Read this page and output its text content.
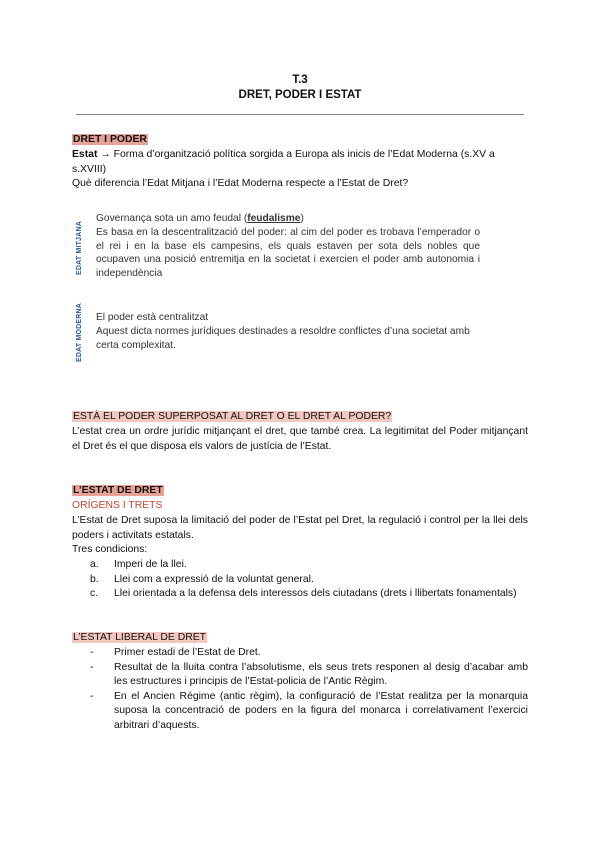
T.3
DRET, PODER I ESTAT
DRET I PODER
Estat → Forma d’organització política sorgida a Europa als inicis de l’Edat Moderna (s.XV a s.XVIII)
Què diferencia l’Edat Mitjana i l’Edat Moderna respecte a l’Estat de Dret?
EDAT MITJANA
Governança sota un amo feudal (feudalisme)
Es basa en la descentralització del poder: al cim del poder es trobava l’emperador o el rei i en la base els campesins, els quals estaven per sota dels nobles que ocupaven una posició entremitja en la societat i exercien el poder amb autonomia i independència
EDAT MODERNA El poder està centralitzat
Aquest dicta normes jurídiques destinades a resoldre conflictes d’una societat amb certa complexitat.
ESTÀ EL PODER SUPERPOSAT AL DRET O EL DRET AL PODER?
L’estat crea un ordre jurídic mitjançant el dret, que també crea. La legitimitat del Poder mitjançant el Dret és el que disposa els valors de justícia de l’Estat.
L’ESTAT DE DRET
ORÍGENS I TRETS
L’Estat de Dret suposa la limitació del poder de l’Estat pel Dret, la regulació i control per la llei dels poders i activitats estatals.
Tres condicions:
a. Imperi de la llei.
b. Llei com a expressió de la voluntat general.
c. Llei orientada a la defensa dels interessos dels ciutadans (drets i llibertats fonamentals)
L’ESTAT LIBERAL DE DRET
- Primer estadi de l’Estat de Dret.
- Resultat de la lluita contra l’absolutisme, els seus trets responen al desig d’acabar amb les estructures i principis de l’Estat-policia de l’Antic Règim.
- En el Ancien Régime (antic règim), la configuració de l’Estat realitza per la monarquia suposa la concentració de poders en la figura del monarca i correlativament l’exercici arbitrari d’aquests.
